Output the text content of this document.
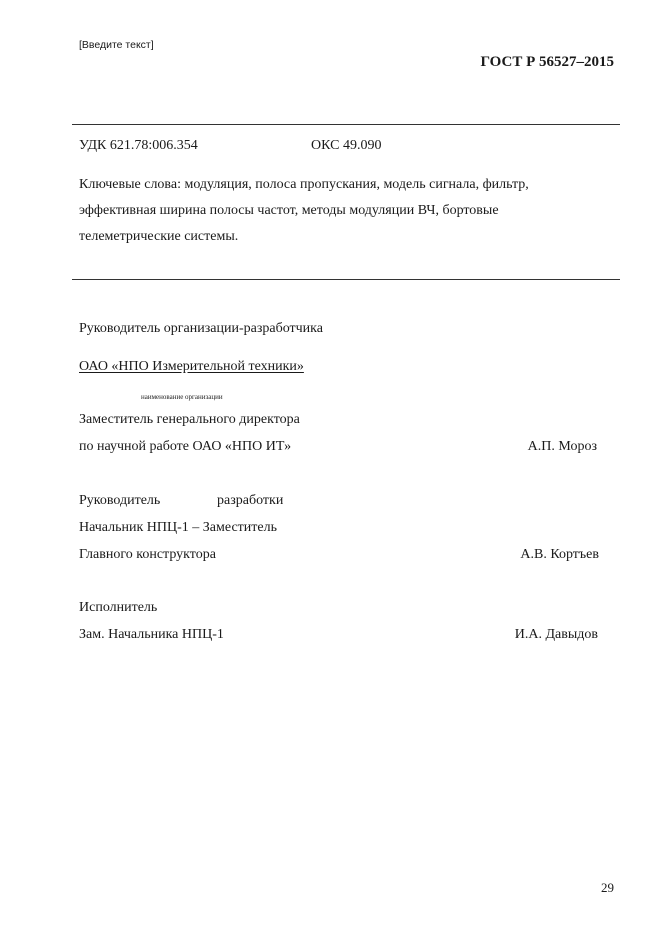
[Введите текст]
ГОСТ Р 56527–2015
УДК 621.78:006.354	ОКС 49.090
Ключевые слова: модуляция, полоса пропускания, модель сигнала, фильтр,
эффективная ширина полосы частот, методы модуляции ВЧ, бортовые
телеметрические системы.
Руководитель организации-разработчика
ОАО «НПО Измерительной техники»
наименование организации
Заместитель генерального директора
по научной работе ОАО «НПО ИТ»	А.П. Мороз
Руководитель	разработки
Начальник НПЦ-1 – Заместитель
Главного конструктора	А.В. Кортъев
Исполнитель
Зам. Начальника НПЦ-1	И.А. Давыдов
29
